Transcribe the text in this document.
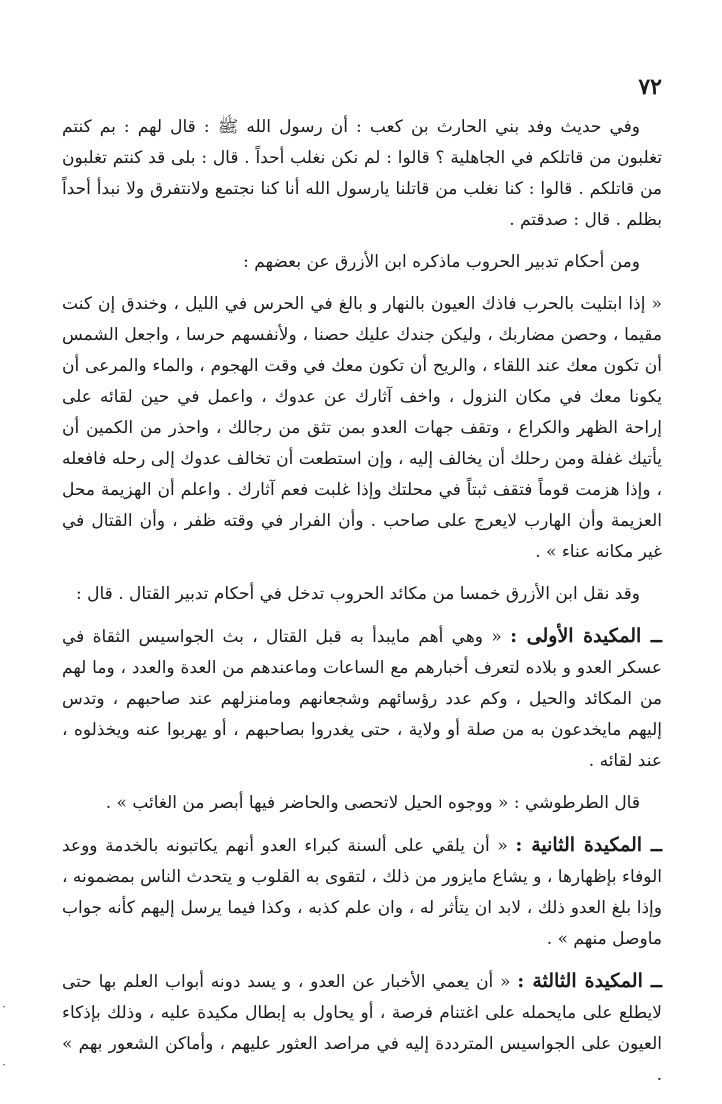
٧٢

وفي حديث وفد بني الحارث بن كعب : أن رسول الله ﷺ : قال لهم : بم كنتم تغلبون من قاتلكم في الجاهلية ؟ قالوا : لم نكن نغلب أحداً . قال : بلى قد كنتم تغلبون من قاتلكم . قالوا : كنا نغلب من قاتلنا يارسول الله أنا كنا نجتمع ولانتفرق ولا نبدأ أحداً بظلم . قال : صدقتم .

ومن أحكام تدبير الحروب ماذكره ابن الأزرق عن بعضهم :

« إذا ابتليت بالحرب فاذك العيون بالنهار و بالغ في الحرس في الليل ، وخندق إن كنت مقيما ، وحصن مضاربك ، وليكن جندك عليك حصنا ، ولأنفسهم حرسا ، واجعل الشمس أن تكون معك عند اللقاء ، والريح أن تكون معك في وقت الهجوم ، والماء والمرعى أن يكونا معك في مكان النزول ، واخف آثارك عن عدوك ، واعمل في حين لقائه على إراحة الظهر والكراع ، وتقف جهات العدو بمن تثق من رجالك ، واحذر من الكمين أن يأتيك غفلة ومن رحلك أن يخالف إليه ، وإن استطعت أن تخالف عدوك إلى رحله فافعله ، وإذا هزمت قوماً فتقف ثبتاً في محلتك وإذا غلبت فعم آثارك . واعلم أن الهزيمة محل العزيمة وأن الهارب لايعرج على صاحب . وأن الفرار في وقته ظفر ، وأن القتال في غير مكانه عناء » .

وقد نقل ابن الأزرق خمسا من مكائد الحروب تدخل في أحكام تدبير القتال . قال :

ــ المكيدة الأولى : « وهي أهم مايبدأ به قبل القتال ، بث الجواسيس الثقاة في عسكر العدو و بلاده لتعرف أخبارهم مع الساعات وماعندهم من العدة والعدد ، وما لهم من المكائد والحيل ، وكم عدد رؤسائهم وشجعانهم ومامنزلهم عند صاحبهم ، وتدس إليهم مايخدعون به من صلة أو ولاية ، حتى يغدروا بصاحبهم ، أو يهربوا عنه ويخذلوه ، عند لقائه .

قال الطرطوشي : « ووجوه الحيل لاتحصى والحاضر فيها أبصر من الغائب » .

ــ المكيدة الثانية : « أن يلقي على ألسنة كبراء العدو أنهم يكاتبونه بالخدمة ووعد الوفاء بإظهارها ، و يشاع مايزور من ذلك ، لتقوى به القلوب و يتحدث الناس بمضمونه ، وإذا بلغ العدو ذلك ، لابد ان يتأثر له ، وان علم كذبه ، وكذا فيما يرسل إليهم كأنه جواب ماوصل منهم » .

ــ المكيدة الثالثة : « أن يعمي الأخبار عن العدو ، و يسد دونه أبواب العلم بها حتى لايطلع على مايحمله على اغتنام فرصة ، أو يحاول به إبطال مكيدة عليه ، وذلك بإذكاء العيون على الجواسيس المترددة إليه في مراصد العثور عليهم ، وأماكن الشعور بهم » .

·
·
